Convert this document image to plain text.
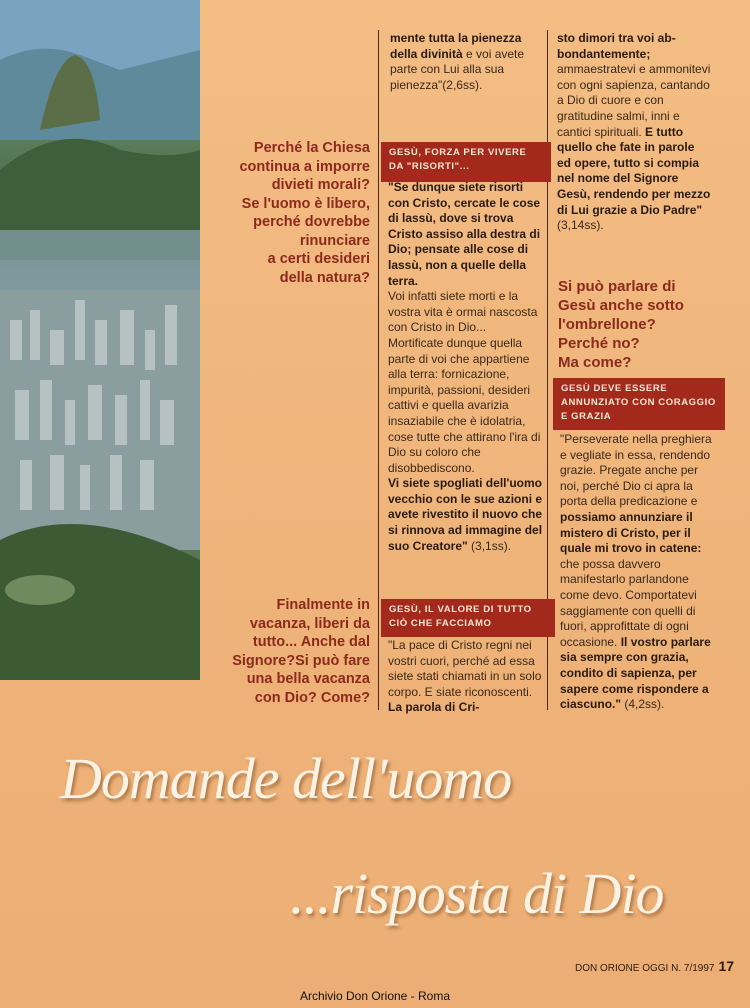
Perché la Chiesa
continua a imporre
divieti morali?
Se l'uomo è libero,
perché dovrebbe
rinunciare
a certi desideri
della natura?
Finalmente in
vacanza, liberi da
tutto... Anche dal
Signore?Si può fare
una bella vacanza
con Dio? Come?
Si può parlare di
Gesù anche sotto
l'ombrellone?
Perché no?
Ma come?

mente tutta la pienezza della divinità e voi avete parte con Lui alla sua pienezza"(2,6ss).

sto dimori tra voi abbondantemente; ammaestratevi e ammonitevi con ogni sapienza, cantando a Dio di cuore e con gratitudine salmi, inni e cantici spirituali. E tutto quello che fate in parole ed opere, tutto si compia nel nome del Signore Gesù, rendendo per mezzo di Lui grazie a Dio Padre" (3,14ss).

GESÙ, FORZA PER VIVERE DA "RISORTI"...

"Se dunque siete risorti con Cristo, cercate le cose di lassù, dove si trova Cristo assiso alla destra di Dio; pensate alle cose di lassù, non a quelle della terra.

Voi infatti siete morti e la vostra vita è ormai nascosta con Cristo in Dio... Mortificate dunque quella parte di voi che appartiene alla terra: fornicazione, impurità, passioni, desideri cattivi e quella avarizia insaziabile che è idolatria, cose tutte che attirano l'ira di Dio su coloro che disobbediscono.

Vi siete spogliati dell'uomo vecchio con le sue azioni e avete rivestito il nuovo che si rinnova ad immagine del suo Creatore" (3,1ss).

GESÙ, IL VALORE DI TUTTO CIÒ CHE FACCIAMO

"La pace di Cristo regni nei vostri cuori, perché ad essa siete stati chiamati in un solo corpo. E siate riconoscenti. La parola di Cri-

GESÙ DEVE ESSERE ANNUNZIATO CON CORAGGIO E GRAZIA

"Perseverate nella preghiera e vegliate in essa, rendendo grazie. Pregate anche per noi, perché Dio ci apra la porta della predicazione e possiamo annunziare il mistero di Cristo, per il quale mi trovo in catene: che possa davvero manifestarlo parlandone come devo. Comportatevi saggiamente con quelli di fuori, approfittate di ogni occasione. Il vostro parlare sia sempre con grazia, condito di sapienza, per sapere come rispondere a ciascuno." (4,2ss).

Domande dell'uomo
...risposta di Dio
DON ORIONE OGGI N. 7/1997 17
Archivio Don Orione - Roma
